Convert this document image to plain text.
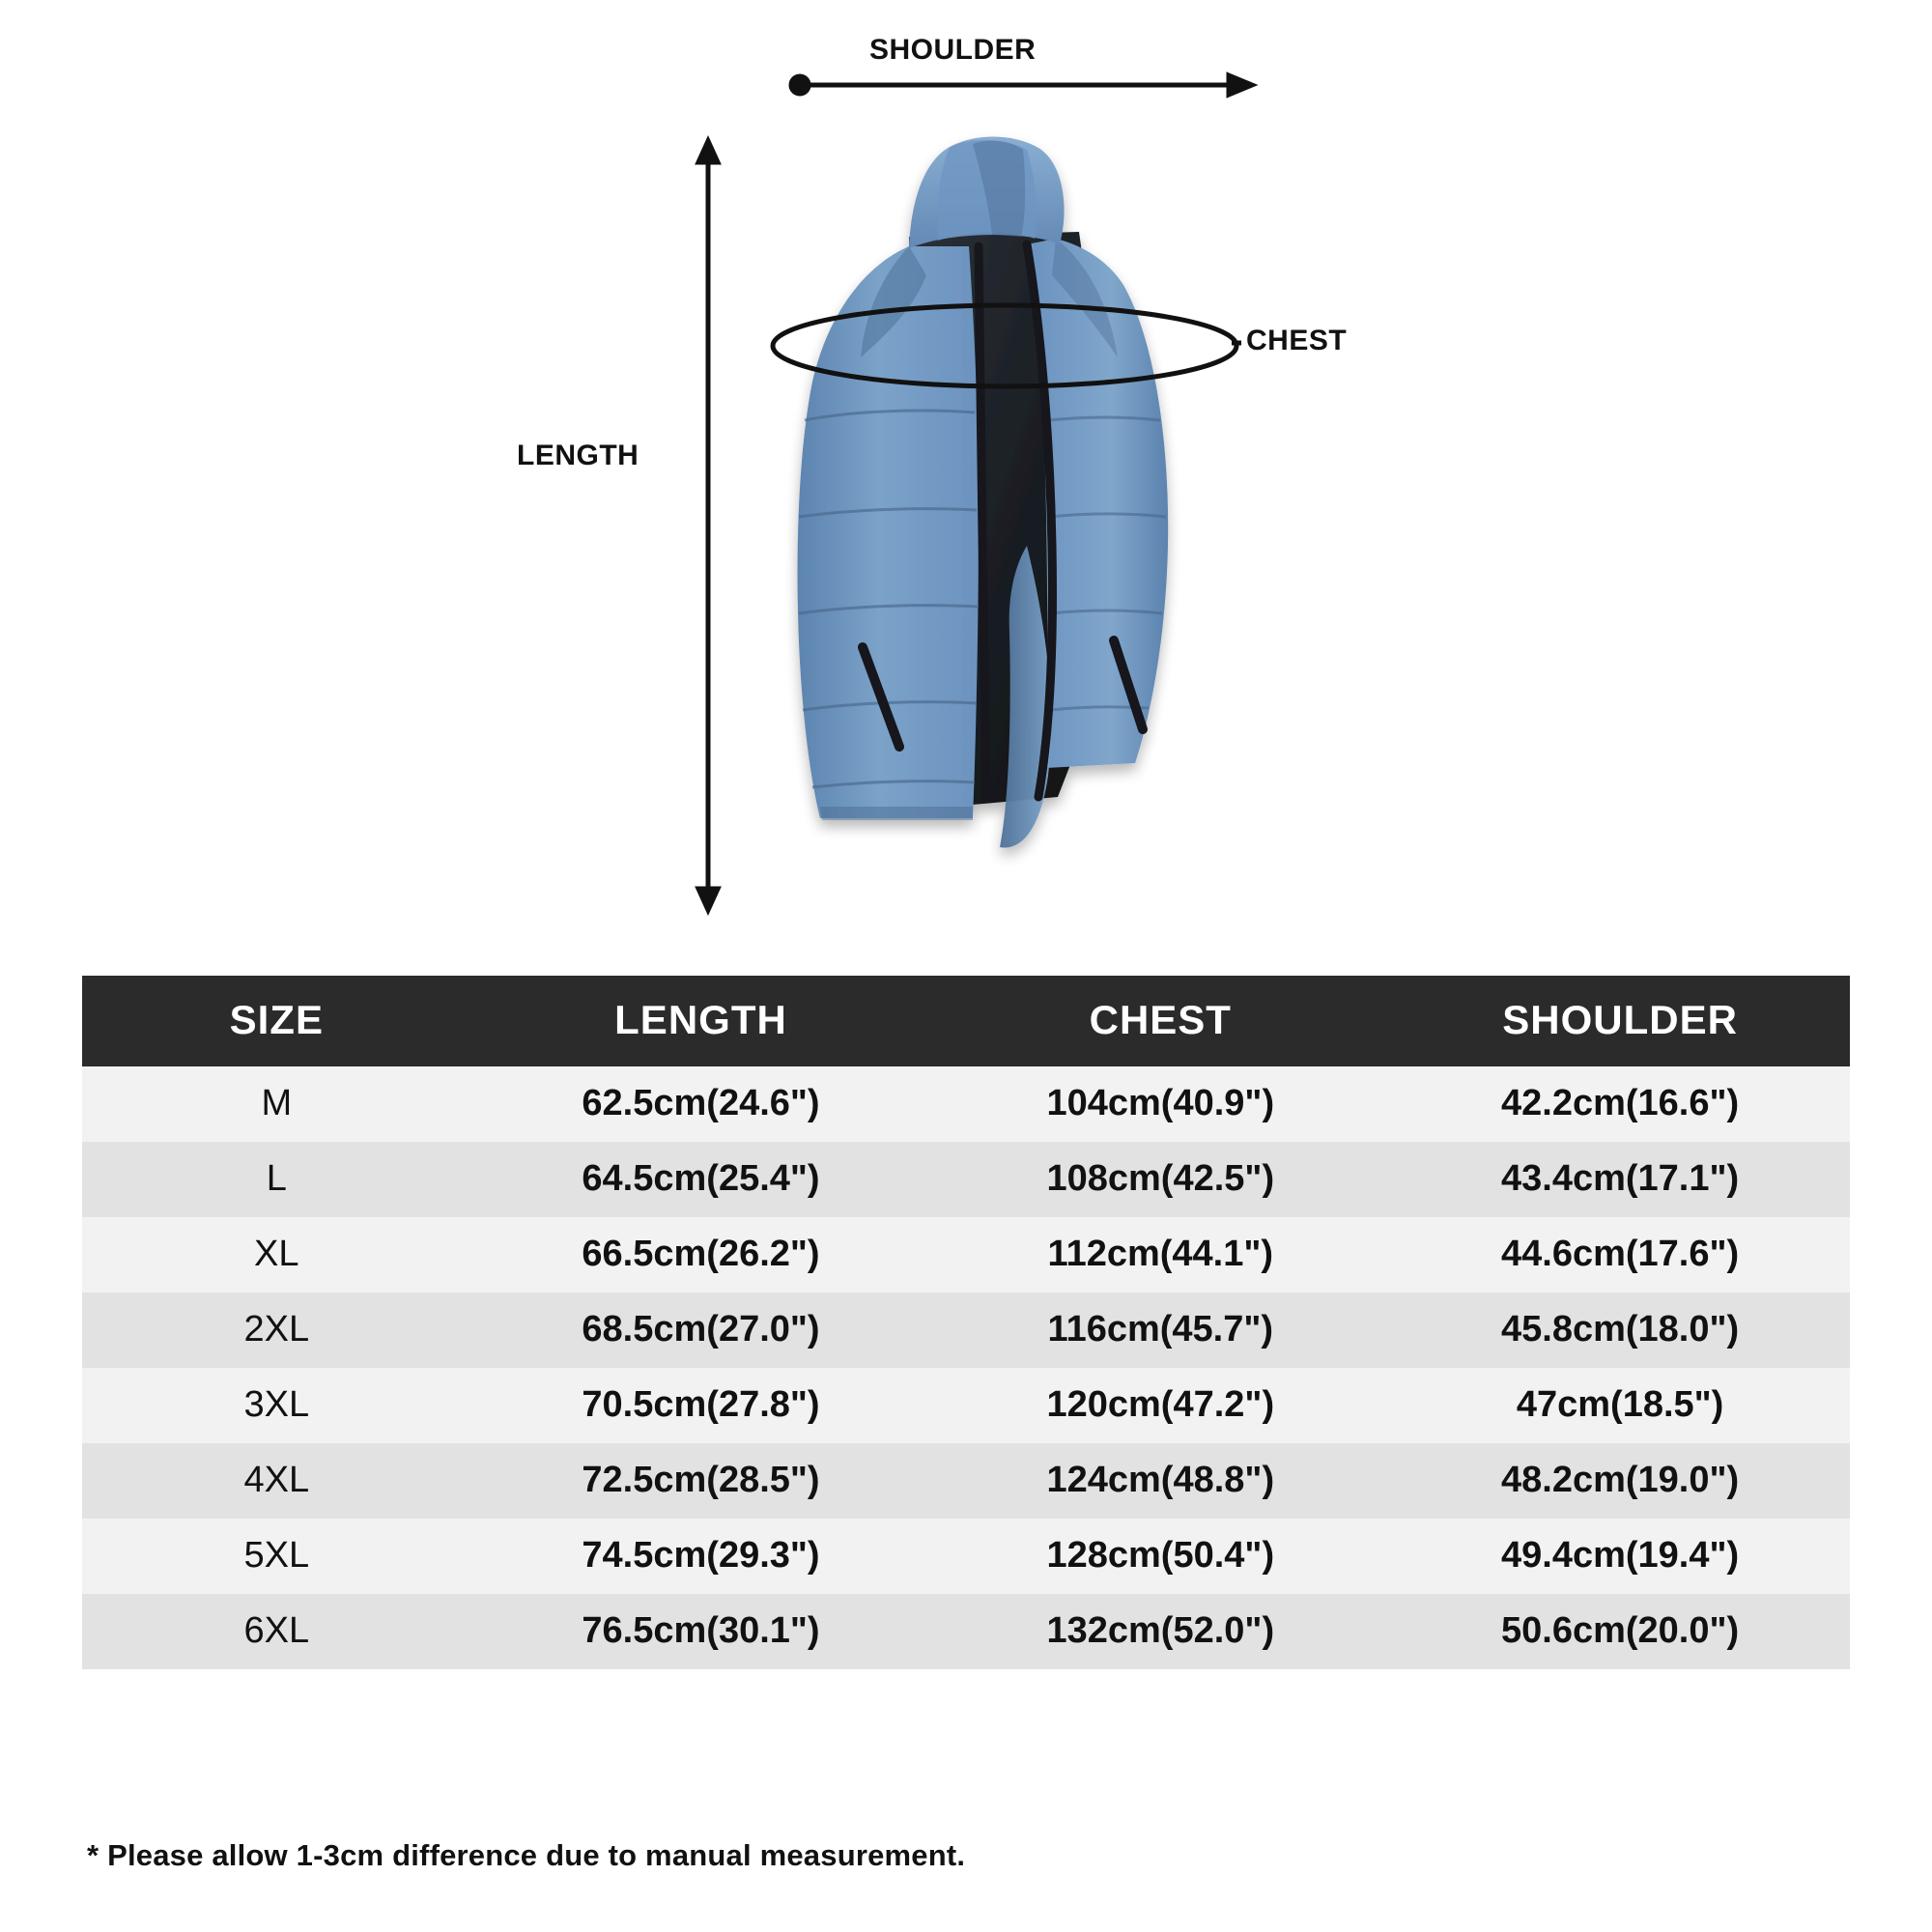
SHOULDER
CHEST
LENGTH
SIZE	LENGTH	CHEST	SHOULDER
M	62.5cm(24.6")	104cm(40.9")	42.2cm(16.6")
L	64.5cm(25.4")	108cm(42.5")	43.4cm(17.1")
XL	66.5cm(26.2")	112cm(44.1")	44.6cm(17.6")
2XL	68.5cm(27.0")	116cm(45.7")	45.8cm(18.0")
3XL	70.5cm(27.8")	120cm(47.2")	47cm(18.5")
4XL	72.5cm(28.5")	124cm(48.8")	48.2cm(19.0")
5XL	74.5cm(29.3")	128cm(50.4")	49.4cm(19.4")
6XL	76.5cm(30.1")	132cm(52.0")	50.6cm(20.0")
* Please allow 1-3cm difference due to manual measurement.
